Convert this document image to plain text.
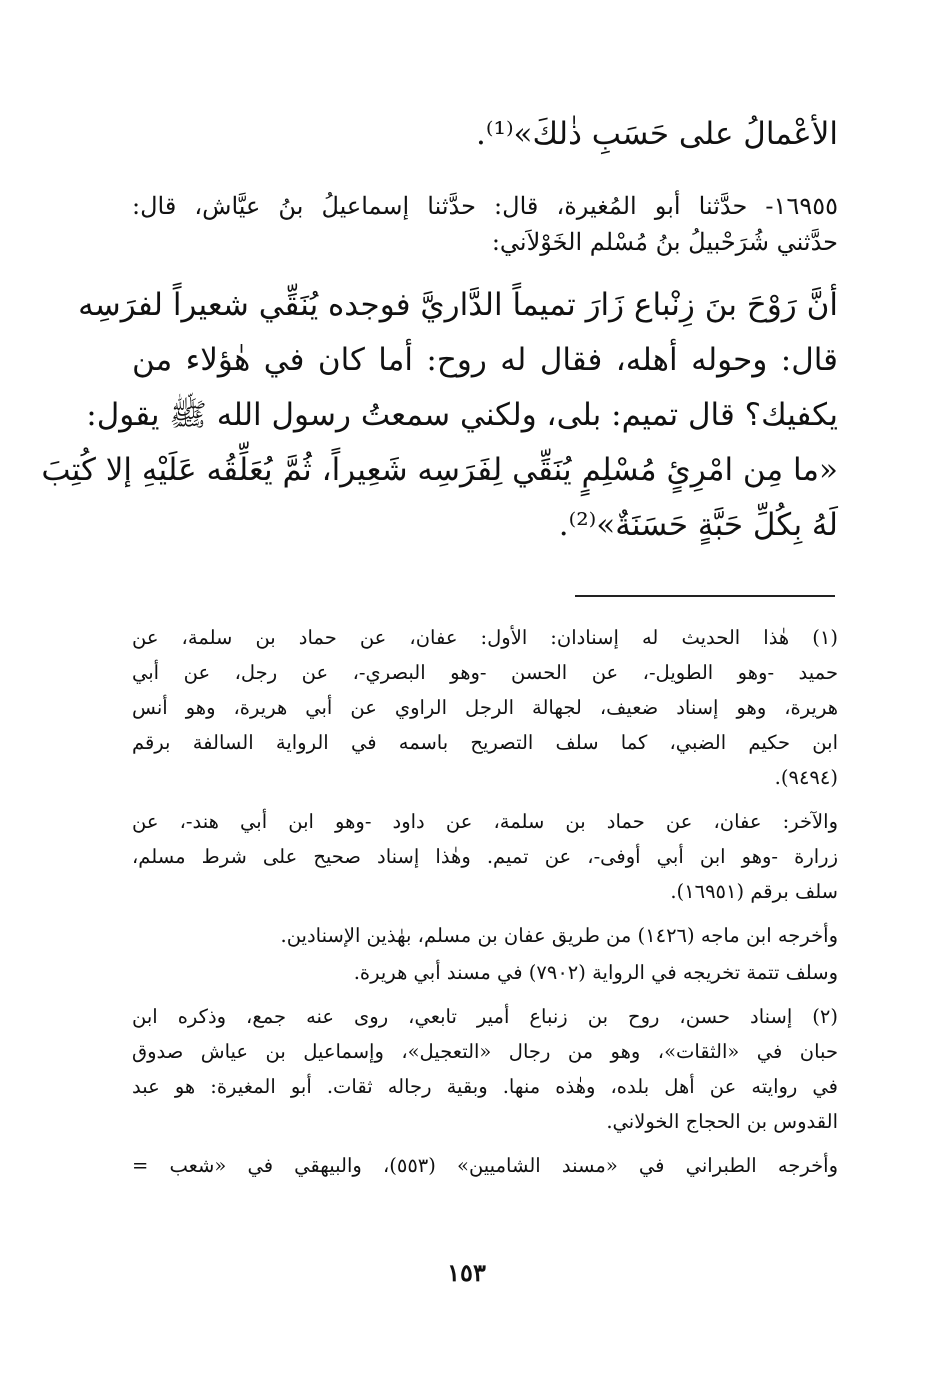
الأعْمالُ على حَسَبِ ذٰلكَ»⁽¹⁾.
١٦٩٥٥- حدَّثنا أبو المُغيرة، قال: حدَّثنا إسماعيلُ بنُ عيَّاش، قال:
حدَّثني شُرَحْبيلُ بنُ مُسْلم الخَوْلاَني:
أنَّ رَوْحَ بنَ زِنْباع زَارَ تميماً الدَّاريَّ فوجده يُنَقِّي شعيراً لفرَسِه
قال: وحوله أهله، فقال له روح: أما كان في هٰؤلاء من
يكفيك؟ قال تميم: بلى، ولكني سمعتُ رسول الله ﷺ يقول:
«ما مِن امْرِئٍ مُسْلِمٍ يُنَقِّي لِفَرَسِه شَعِيراً، ثُمَّ يُعَلِّقُه عَلَيْهِ إلا كُتِبَ
لَهُ بِكُلِّ حَبَّةٍ حَسَنَةٌ»⁽²⁾.
(١) هٰذا الحديث له إسنادان: الأول: عفان، عن حماد بن سلمة، عن
حميد -وهو الطويل-، عن الحسن -وهو البصري-، عن رجل، عن أبي
هريرة، وهو إسناد ضعيف، لجهالة الرجل الراوي عن أبي هريرة، وهو أنس
ابن حكيم الضبي، كما سلف التصريح باسمه في الرواية السالفة برقم
(٩٤٩٤).
والآخر: عفان، عن حماد بن سلمة، عن داود -وهو ابن أبي هند-، عن
زرارة -وهو ابن أبي أوفى-، عن تميم. وهٰذا إسناد صحيح على شرط مسلم،
سلف برقم (١٦٩٥١).
وأخرجه ابن ماجه (١٤٢٦) من طريق عفان بن مسلم، بهٰذين الإسنادين.
وسلف تتمة تخريجه في الرواية (٧٩٠٢) في مسند أبي هريرة.
(٢) إسناد حسن، روح بن زنباع أمير تابعي، روى عنه جمع، وذكره ابن
حبان في «الثقات»، وهو من رجال «التعجيل»، وإسماعيل بن عياش صدوق
في روايته عن أهل بلده، وهٰذه منها. وبقية رجاله ثقات. أبو المغيرة: هو عبد
القدوس بن الحجاج الخولاني.
وأخرجه الطبراني في «مسند الشاميين» (٥٥٣)، والبيهقي في «شعب =
١٥٣
